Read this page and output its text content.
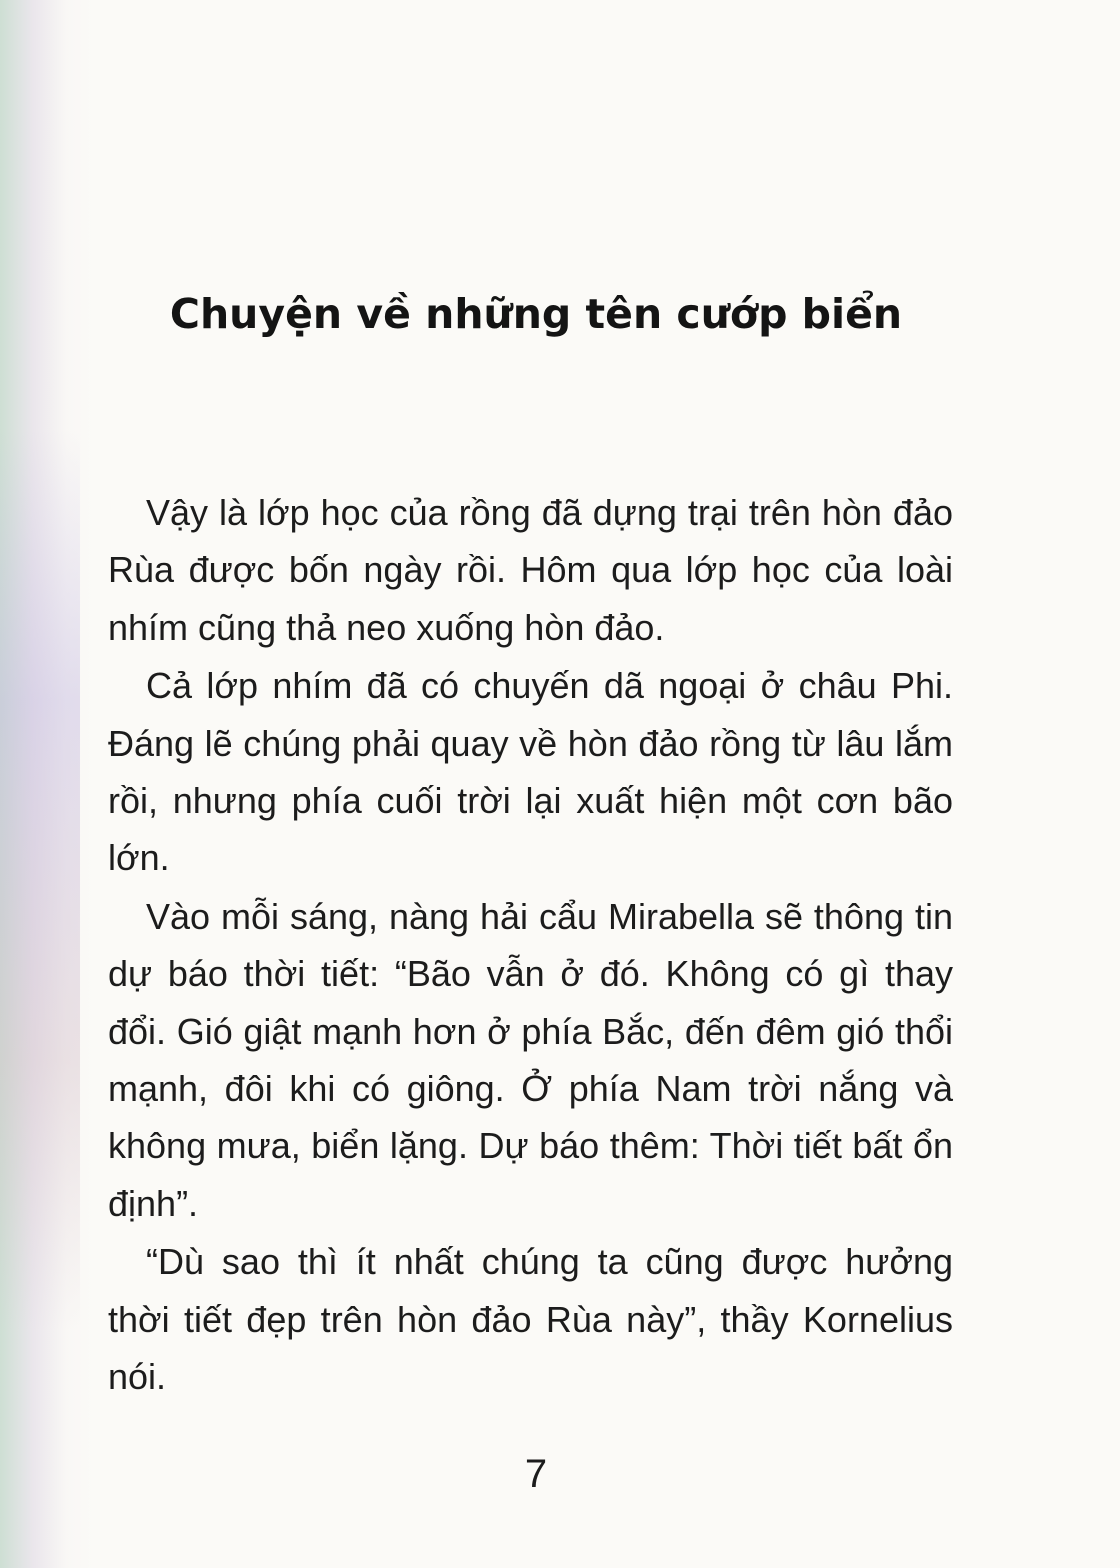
Chuyện về những tên cướp biển

Vậy là lớp học của rồng đã dựng trại trên hòn đảo Rùa được bốn ngày rồi. Hôm qua lớp học của loài nhím cũng thả neo xuống hòn đảo.

Cả lớp nhím đã có chuyến dã ngoại ở châu Phi. Đáng lẽ chúng phải quay về hòn đảo rồng từ lâu lắm rồi, nhưng phía cuối trời lại xuất hiện một cơn bão lớn.

Vào mỗi sáng, nàng hải cẩu Mirabella sẽ thông tin dự báo thời tiết: “Bão vẫn ở đó. Không có gì thay đổi. Gió giật mạnh hơn ở phía Bắc, đến đêm gió thổi mạnh, đôi khi có giông. Ở phía Nam trời nắng và không mưa, biển lặng. Dự báo thêm: Thời tiết bất ổn định”.

“Dù sao thì ít nhất chúng ta cũng được hưởng thời tiết đẹp trên hòn đảo Rùa này”, thầy Kornelius nói.

7
